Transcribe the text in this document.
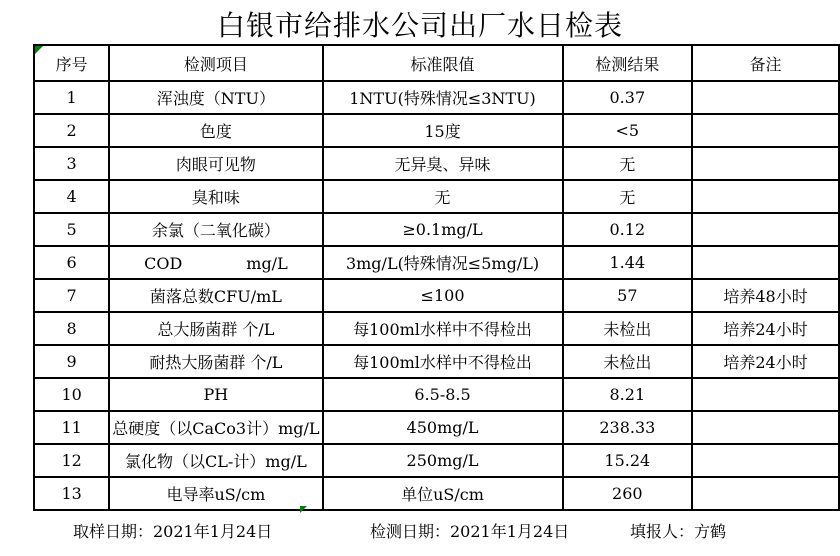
白银市给排水公司出厂水日检表
序号	检测项目	标准限值	检测结果	备注
1	浑浊度（NTU）	1NTU(特殊情况≤3NTU)	0.37	
2	色度	15度	<5	
3	肉眼可见物	无异臭、异味	无	
4	臭和味	无	无	
5	余氯（二氧化碳）	≥0.1mg/L	0.12	
6	COD　　　　mg/L	3mg/L(特殊情况≤5mg/L)	1.44	
7	菌落总数CFU/mL	≤100	57	培养48小时
8	总大肠菌群 个/L	每100ml水样中不得检出	未检出	培养24小时
9	耐热大肠菌群 个/L	每100ml水样中不得检出	未检出	培养24小时
10	PH	6.5-8.5	8.21	
11	总硬度（以CaCo3计）mg/L	450mg/L	238.33	
12	氯化物（以CL-计）mg/L	250mg/L	15.24	
13	电导率uS/cm	单位uS/cm	260	
取样日期：2021年1月24日	检测日期：2021年1月24日	填报人：方鹤
